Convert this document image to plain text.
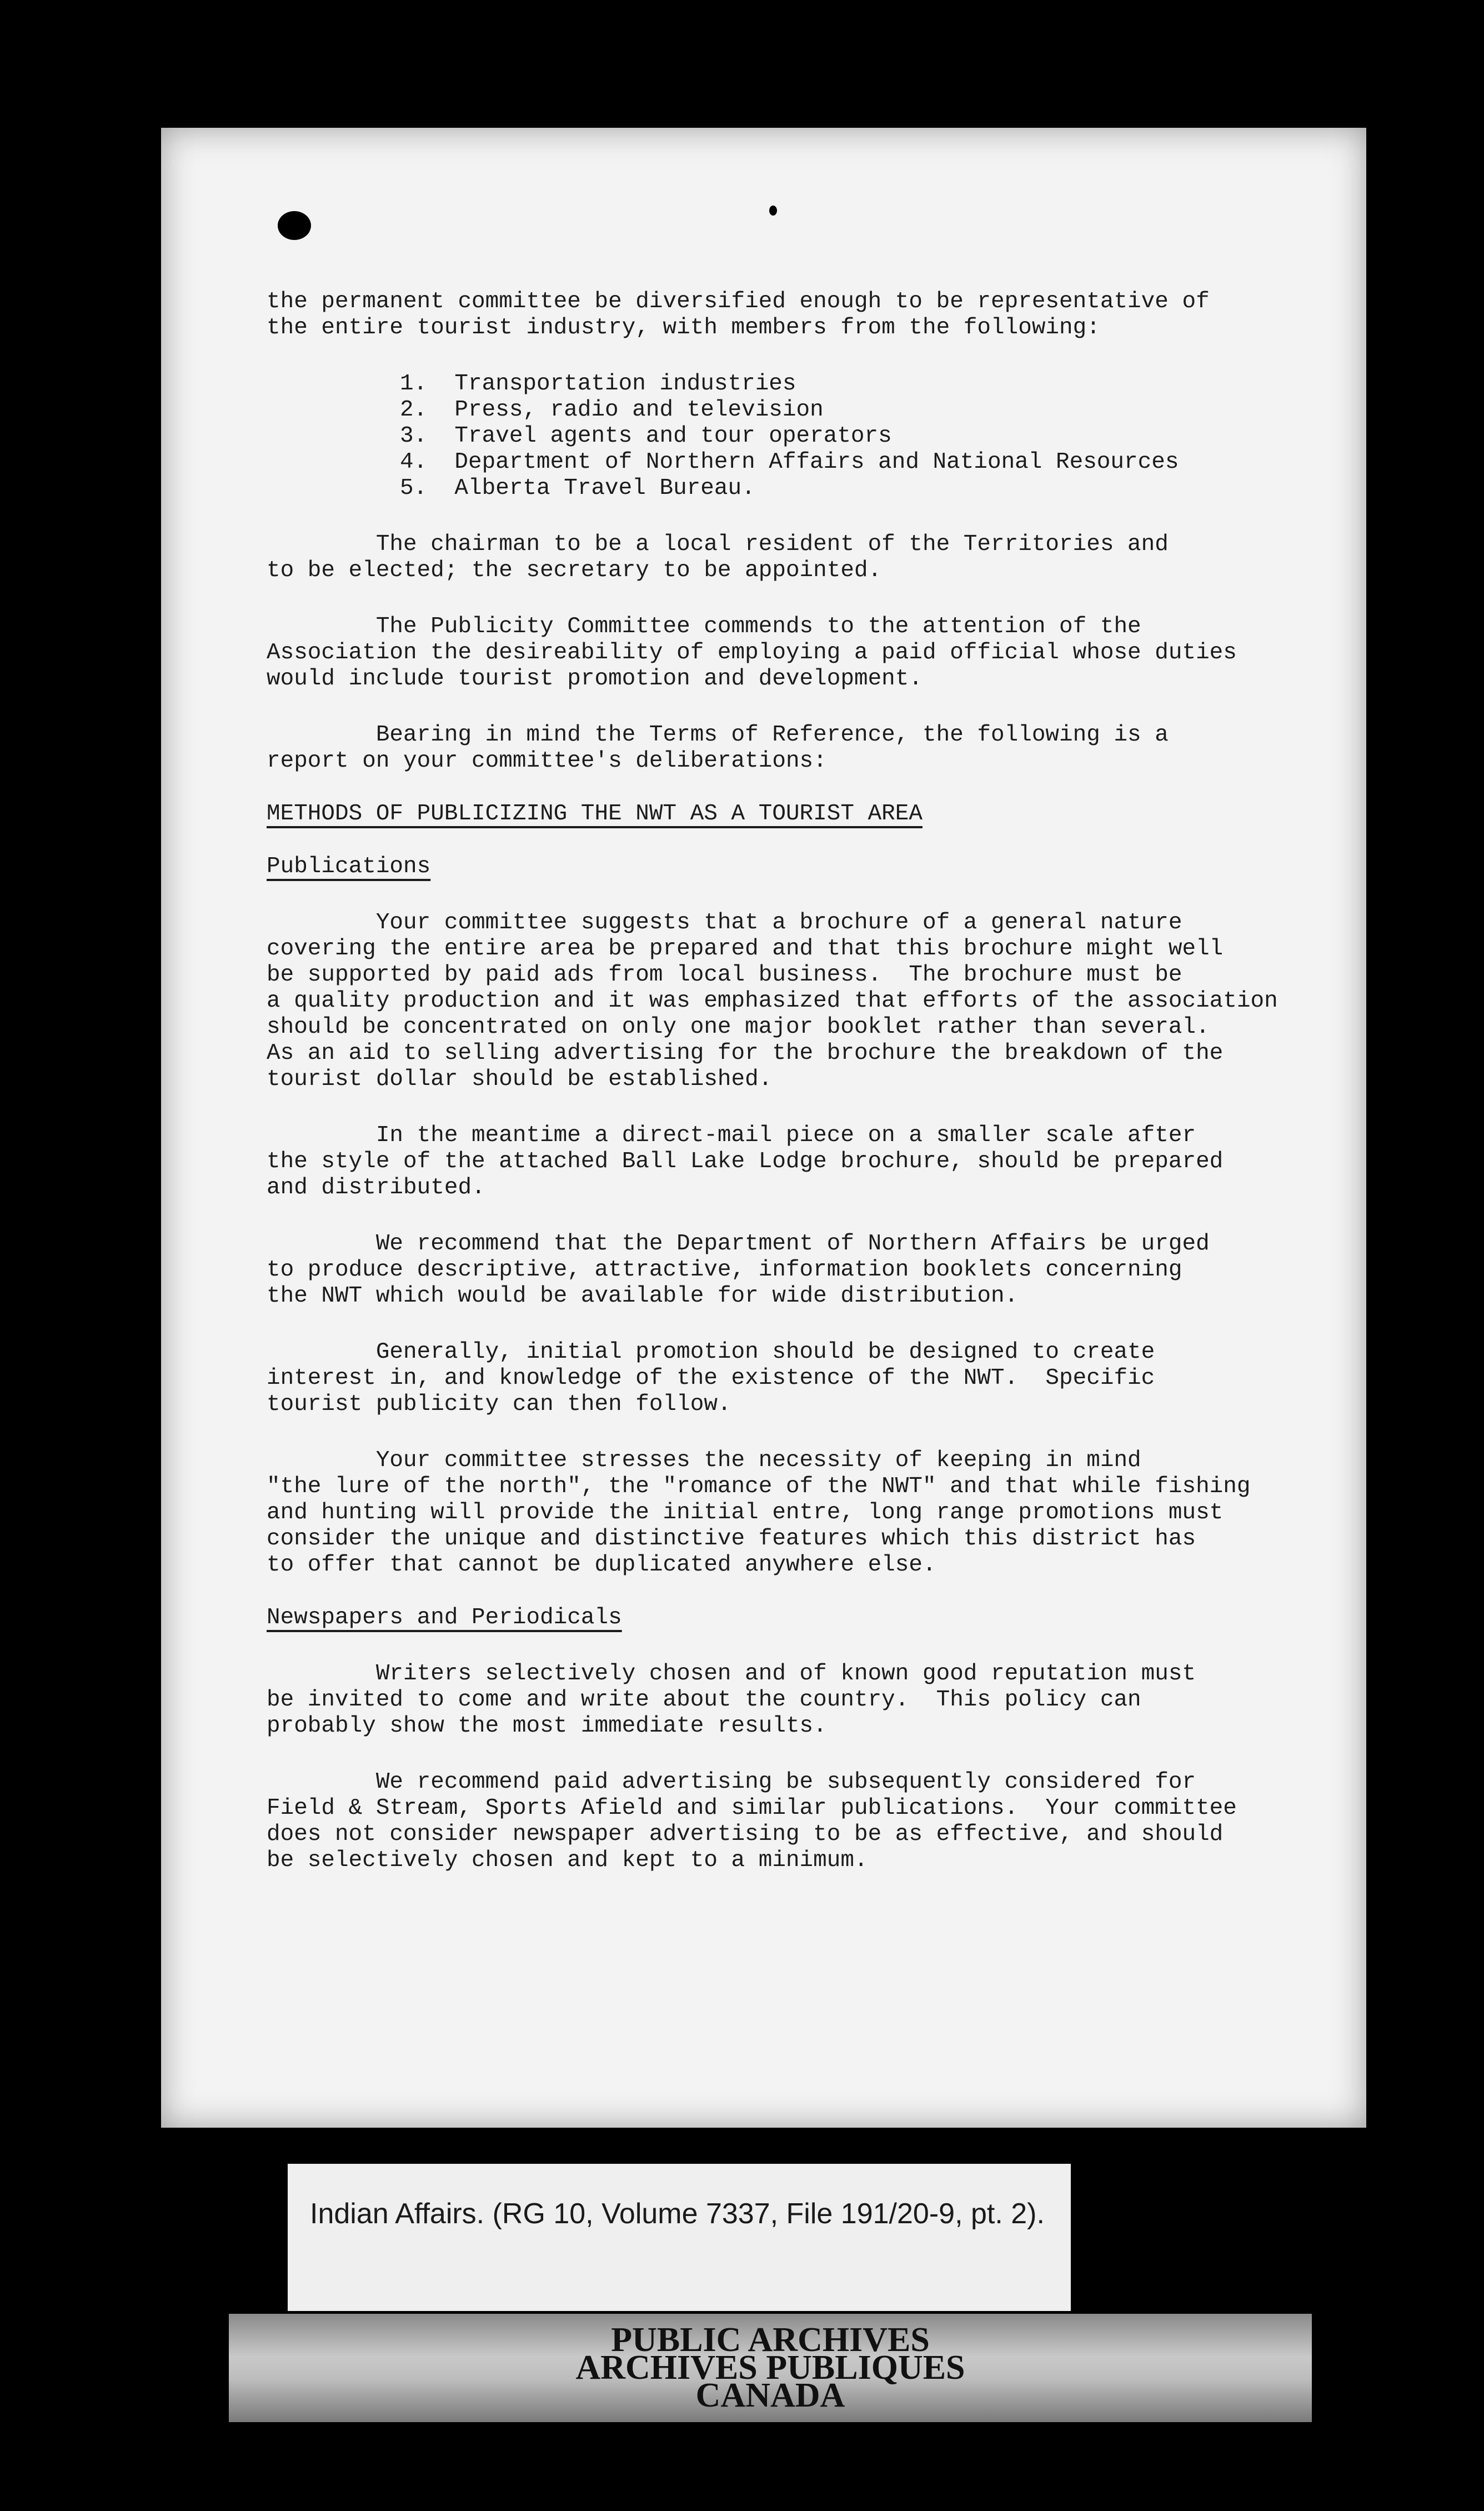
the permanent committee be diversified enough to be representative of

the entire tourist industry, with members from the following:

1.  Transportation industries

2.  Press, radio and television

3.  Travel agents and tour operators

4.  Department of Northern Affairs and National Resources

5.  Alberta Travel Bureau.

The chairman to be a local resident of the Territories and

to be elected; the secretary to be appointed.

The Publicity Committee commends to the attention of the

Association the desireability of employing a paid official whose duties

would include tourist promotion and development.

Bearing in mind the Terms of Reference, the following is a

report on your committee's deliberations:

METHODS OF PUBLICIZING THE NWT AS A TOURIST AREA

Publications

Your committee suggests that a brochure of a general nature

covering the entire area be prepared and that this brochure might well

be supported by paid ads from local business.  The brochure must be

a quality production and it was emphasized that efforts of the association

should be concentrated on only one major booklet rather than several.

As an aid to selling advertising for the brochure the breakdown of the

tourist dollar should be established.

In the meantime a direct-mail piece on a smaller scale after

the style of the attached Ball Lake Lodge brochure, should be prepared

and distributed.

We recommend that the Department of Northern Affairs be urged

to produce descriptive, attractive, information booklets concerning

the NWT which would be available for wide distribution.

Generally, initial promotion should be designed to create

interest in, and knowledge of the existence of the NWT.  Specific

tourist publicity can then follow.

Your committee stresses the necessity of keeping in mind

"the lure of the north", the "romance of the NWT" and that while fishing

and hunting will provide the initial entre, long range promotions must

consider the unique and distinctive features which this district has

to offer that cannot be duplicated anywhere else.

Newspapers and Periodicals

Writers selectively chosen and of known good reputation must

be invited to come and write about the country.  This policy can

probably show the most immediate results.

We recommend paid advertising be subsequently considered for

Field & Stream, Sports Afield and similar publications.  Your committee

does not consider newspaper advertising to be as effective, and should

be selectively chosen and kept to a minimum.

Indian Affairs. (RG 10, Volume 7337, File 191/20-9, pt. 2).
PUBLIC ARCHIVES
ARCHIVES PUBLIQUES
CANADA
